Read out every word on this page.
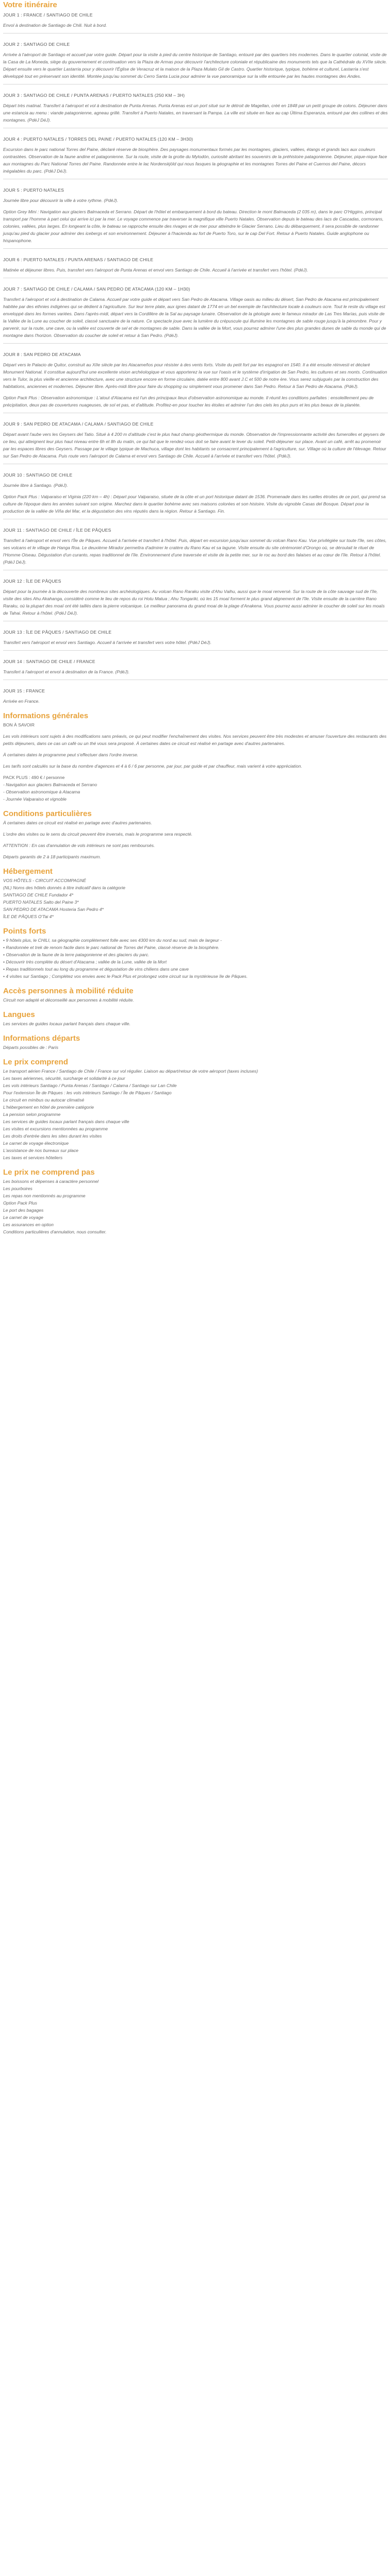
Votre itinéraire
JOUR 1 : FRANCE / SANTIAGO DE CHILE

Envol à destination de Santiago de Chili. Nuit à bord.

JOUR 2 : SANTIAGO DE CHILE

Arrivée à l'aéroport de Santiago et accueil par votre guide. Départ pour la visite à pied du centre historique de Santiago, entouré par des quartiers très modernes. Dans le quartier colonial, visite de la Casa de La Moneda, siège du gouvernement et continuation vers la Plaza de Armas pour découvrir l'architecture coloniale et républicaine des monuments tels que la Cathédrale du XVIIe siècle. Départ ensuite vers le quartier Lastarria pour y découvrir l'Église de Veracruz et la maison de la Plaza Mulato Gil de Castro. Quartier historique, typique, bohème et culturel, Lastarria s'est développé tout en préservant son identité. Montée jusqu'au sommet du Cerro Santa Lucia pour admirer la vue panoramique sur la ville entourée par les hautes montagnes des Andes.

JOUR 3 : SANTIAGO DE CHILE / PUNTA ARENAS / PUERTO NATALES (250 KM – 3H)

Départ très matinal. Transfert à l'aéroport et vol à destination de Punta Arenas. Punta Arenas est un port situé sur le détroit de Magellan, créé en 1848 par un petit groupe de colons. Déjeuner dans une estancia au menu : viande patagonienne, agneau grillé. Transfert à Puerto Natales, en traversant la Pampa. La ville est située en face au cap Última Esperanza, entouré par des collines et des montagnes. (PdéJ DéJ).

JOUR 4 : PUERTO NATALES / TORRES DEL PAINE / PUERTO NATALES (120 KM – 3H30)

Excursion dans le parc national Torres del Paine, déclaré réserve de biosphère. Des paysages monumentaux formés par les montagnes, glaciers, vallées, étangs et grands lacs aux couleurs contrastées. Observation de la faune andine et patagonienne. Sur la route, visite de la grotte du Mylodón, curiosité abritant les souvenirs de la préhistoire patagonienne. Déjeuner, pique-nique face aux montagnes du Parc National Torres del Paine. Randonnée entre le lac Nordenskjöld qui nous fasques la géographie et les montagnes Torres del Paine et Cuernos del Paine, décors inégalables du parc. (PdéJ DéJ).

JOUR 5 : PUERTO NATALES

Journée libre pour découvrir la ville à votre rythme. (PdéJ).

Option Grey Mini : Navigation aux glaciers Balmaceda et Serrano. Départ de l'hôtel et embarquement à bord du bateau. Direction le mont Balmaceda (2 035 m), dans le parc O'Higgins, principal transport par l'homme à part celui qui arrive ici par la mer. Le voyage commence par traverser la magnifique ville Puerto Natales. Observation depuis le bateau des lacs de Cascadas, cormorans, colonies, vallées, plus larges. En longeant la côte, le bateau se rapproche ensuite des rivages et de mer pour atteindre le Glacier Serrano. Lieu du débarquement, il sera possible de randonner jusqu'au pied du glacier pour admirer des icebergs et son environnement. Déjeuner à l'hacienda au fort de Puerto Toro, sur le cap Del Fort. Retour à Puerto Natales. Guide anglophone ou hispanophone.

JOUR 6 : PUERTO NATALES / PUNTA ARENAS / SANTIAGO DE CHILE

Matinée et déjeuner libres. Puis, transfert vers l'aéroport de Punta Arenas et envol vers Santiago de Chile. Accueil à l'arrivée et transfert vers l'hôtel. (PdéJ).

JOUR 7 : SANTIAGO DE CHILE / CALAMA / SAN PEDRO DE ATACAMA (120 KM – 1H30)

Transfert à l'aéroport et vol à destination de Calama. Accueil par votre guide et départ vers San Pedro de Atacama. Village oasis au milieu du désert, San Pedro de Atacama est principalement habitée par des ethnies indigènes qui se dédient à l'agriculture. Sur leur terre plate, aux ignes datant de 1774 en un bel exemple de l'architecture locale à couleurs ocre. Tout le reste du village est enveloppé dans les formes variées. Dans l'après-midi, départ vers la Cordillère de la Sal au paysage lunaire. Observation de la géologie avec le fameux mirador de Las Tres Marías, puis visite de la Vallée de la Lune au coucher de soleil, classé sanctuaire de la nature. Ce spectacle joue avec la lumière du crépuscule qui illumine les montagnes de sable rouge jusqu'à la pénombre. Pour y parvenir, sur la route, une cave, ou la vallée est couverte de sel et de montagnes de sable. Dans la vallée de la Mort, vous pourrez admirer l'une des plus grandes dunes de sable du monde qui de montagne dans l'horizon. Observation du coucher de soleil et retour à San Pedro. (PdéJ).

JOUR 8 : SAN PEDRO DE ATACAMA

Départ vers le Palacio de Quitor, construit au XIIe siècle par les Atacameños pour résister à des vents forts. Visite du petit fort par les espagnol en 1540. Il a été ensuite réinvesti et déclaré Monument National. Il constitue aujourd'hui une excellente vision archéologique et vous apporterez la vue sur l'oasis et le système d'irrigation de San Pedro, les cultures et ses monts. Continuation vers le Tulor, la plus vieille et ancienne architecture, avec une structure encore en forme circulaire, datée entre 800 avant J.C et 500 de notre ère. Vous serez subjugués par la construction des habitations, anciennes et modernes. Déjeuner libre. Après-midi libre pour faire du shopping ou simplement vous promener dans San Pedro. Retour à San Pedro de Atacama. (PdéJ).

Option Pack Plus : Observation astronomique : L'atout d'Atacama est l'un des principaux lieux d'observation astronomique au monde. Il réunit les conditions parfaites : ensoleillement peu de précipitation, deux pas de couvertures nuageuses, de sol et pas, et d'altitude. Profitez-en pour toucher les étoiles et admirer l'un des ciels les plus purs et les plus beaux de la planète.

JOUR 9 : SAN PEDRO DE ATACAMA / CALAMA / SANTIAGO DE CHILE

Départ avant l'aube vers les Geysers del Tatio. Situé à 4 200 m d'altitude c'est le plus haut champ géothermique du monde. Observation de l'impressionnante activité des fumerolles et geysers de ce lieu, qui atteignent leur plus haut niveau entre 6h et 8h du matin, ce qui fait que le rendez-vous doit se faire avant le lever du soleil. Petit-déjeuner sur place. Avant un café, arrêt au promenoir par les espaces libres des Geysers. Passage par le village typique de Machuca, village dont les habitants se consacrent principalement à l'agriculture, sur. Village où la culture de l'élevage. Retour sur San Pedro de Atacama. Puis route vers l'aéroport de Calama et envol vers Santiago de Chile. Accueil à l'arrivée et transfert vers l'hôtel. (PdéJ).

JOUR 10 : SANTIAGO DE CHILE

Journée libre à Santiago. (PdéJ).

Option Pack Plus : Valparaiso et Viginia (220 km – 4h) : Départ pour Valparaiso, située de la côte et un port historique datant de 1536. Promenade dans les ruelles étroites de ce port, qui prend sa culture de l'époque dans les années suivant son origine. Marchez dans le quartier bohème avec ses maisons colorées et son histoire. Visite du vignoble Casas del Bosque. Départ pour la production de la vallée de Viña del Mar, et la dégustation des vins réputés dans la région. Retour à Santiago. Fin.

JOUR 11 : SANTIAGO DE CHILE / ÎLE DE PÂQUES

Transfert à l'aéroport et envol vers l'Île de Pâques. Accueil à l'arrivée et transfert à l'hôtel. Puis, départ en excursion jusqu'aux sommet du volcan Rano Kau. Vue privilégiée sur toute l'île, ses côtes, ses volcans et le village de Hanga Roa. Le deuxième Mirador permettra d'admirer le cratère du Rano Kau et sa lagune. Visite ensuite du site cérémoniel d'Orongo où, se déroulait le rituel de l'Homme Oiseau. Dégustation d'un curanto, repas traditionnel de l'île. Environnement d'une traversée et visite de la petite mer, sur le roc au bord des falaises et au cœur de l'île. Retour à l'hôtel. (PdéJ DéJ).

JOUR 12 : ÎLE DE PÂQUES

Départ pour la journée à la découverte des nombreux sites archéologiques. Au volcan Rano Raraku visite d'Ahu Vaihu, aussi que le moai renversé. Sur la route de la côte sauvage sud de l'île, visite des sites Ahu Akahanga, considéré comme le lieu de repos du roi Hotu Matua ; Ahu Tongariki, où les 15 moaï forment le plus grand alignement de l'île. Visite ensuite de la carrière Rano Raraku, où la plupart des moaï ont été taillés dans la pierre volcanique. Le meilleur panorama du grand moai de la plage d'Anakena. Vous pourrez aussi admirer le coucher de soleil sur les moaïs de Tahai. Retour à l'hôtel. (PdéJ DéJ).

JOUR 13 : ÎLE DE PÂQUES / SANTIAGO DE CHILE

Transfert vers l'aéroport et envol vers Santiago. Accueil à l'arrivée et transfert vers votre hôtel. (PdéJ DéJ).

JOUR 14 : SANTIAGO DE CHILE / FRANCE

Transfert à l'aéroport et envol à destination de la France. (PdéJ).

JOUR 15 : FRANCE

Arrivée en France.

Informations générales

BON À SAVOIR

Les vols intérieurs sont sujets à des modifications sans préavis, ce qui peut modifier l'enchaînement des visites. Nos services peuvent être très modestes et amuser l'ouverture des restaurants des petits déjeuners, dans ce cas un café ou un thé vous sera proposé. À certaines dates ce circuit est réalisé en partage avec d'autres partenaires.

À certaines dates le programme peut s'effectuer dans l'ordre inverse.

Les tarifs sont calculés sur la base du nombre d'agences et 4 à 6 / 6 par personne, par jour, par guide et par chauffeur, mais varient à votre appréciation.

PACK PLUS : 490 € / personne

- Navigation aux glaciers Balmaceda et Serrano
- Observation astronomique à Atacama
- Journée Valparaiso et vignoble
Conditions particulières

À certaines dates ce circuit est réalisé en partage avec d'autres partenaires.

L'ordre des visites ou le sens du circuit peuvent être inversés, mais le programme sera respecté.

ATTENTION : En cas d'annulation de vols intérieurs ne sont pas remboursés.

Départs garantis de 2 à 18 participants maximum.

Hébergement
VOS HÔTELS - CIRCUIT ACCOMPAGNÉ
(NL) Noms des hôtels donnés à titre indicatif dans la catégorie
SANTIAGO DE CHILE Fundador 4*
PUERTO NATALES Salto del Paine 3*
SAN PEDRO DE ATACAMA Hosteria San Pedro 4*
ÎLE DE PÂQUES O'Tai 4*
Points forts
• 9 hôtels plus, le CHILI, sa géographie complètement folle avec ses 4300 km du nord au sud, mais de largeur -
• Randonnée et trek de renom facile dans le parc national de Torres del Paine, classé réserve de la biosphère.
• Observation de la faune de la terre patagonienne et des glaciers du parc.
• Découvrir très complète du désert d'Atacama ; vallée de la Lune, vallée de la Mort
• Repas traditionnels tout au long du programme et dégustation de vins chiliens dans une cave
• 4 visites sur Santiago ; Complétez vos envies avec le Pack Plus et prolongez votre circuit sur la mystérieuse île de Pâques.
Accès personnes à mobilité réduite

Circuit non adapté et déconseillé aux personnes à mobilité réduite.

Langues

Les services de guides locaux parlant français dans chaque ville.

Informations départs

Départs possibles de : Paris

Le prix comprend
Le transport aérien France / Santiago de Chile / France sur vol régulier. Liaison au départ/retour de votre aéroport (taxes incluses)
Les taxes aériennes, sécurité, surcharge et solidarité à ce jour
Les vols intérieurs Santiago / Punta Arenas / Santiago / Calama / Santiago sur Lan Chile
Pour l'extension Île de Pâques : les vols intérieurs Santiago / Île de Pâques / Santiago
Le circuit en minibus ou autocar climatisé
L'hébergement en hôtel de première catégorie
La pension selon programme
Les services de guides locaux parlant français dans chaque ville
Les visites et excursions mentionnées au programme
Les droits d'entrée dans les sites durant les visites
Le carnet de voyage électronique
L'assistance de nos bureaux sur place
Les taxes et services hôteliers
Le prix ne comprend pas
Les boissons et dépenses à caractère personnel
Les pourboires
Les repas non mentionnés au programme
Option Pack Plus
Le port des bagages
Le carnet de voyage
Les assurances en option
Conditions particulières d'annulation, nous consulter.
